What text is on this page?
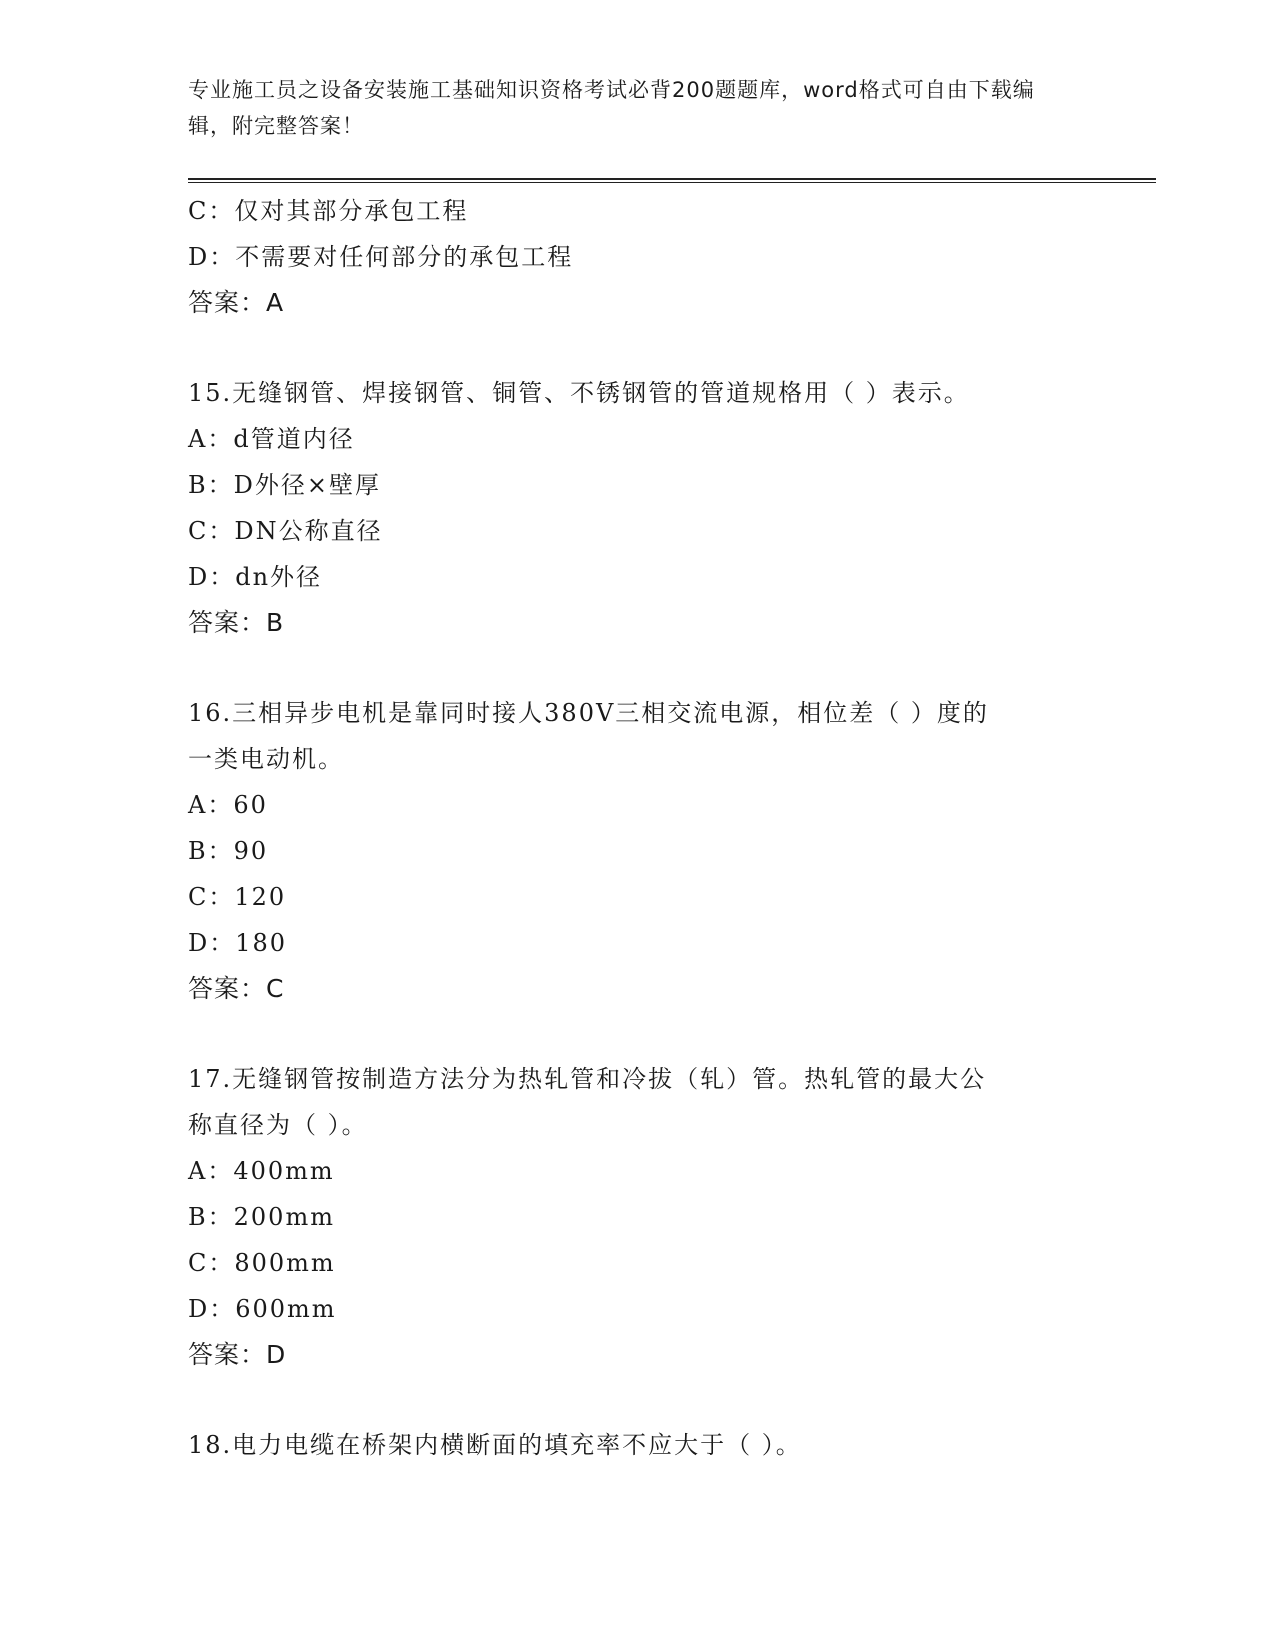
专业施工员之设备安装施工基础知识资格考试必背200题题库，word格式可自由下载编辑，附完整答案！
C：仅对其部分承包工程
D：不需要对任何部分的承包工程
答案：A
15.无缝钢管、焊接钢管、铜管、不锈钢管的管道规格用（ ）表示。
A：d管道内径
B：D外径×壁厚
C：DN公称直径
D：dn外径
答案：B
16.三相异步电机是靠同时接人380V三相交流电源，相位差（ ）度的
一类电动机。
A：60
B：90
C：120
D：180
答案：C
17.无缝钢管按制造方法分为热轧管和冷拔（轧）管。热轧管的最大公
称直径为（ ）。
A：400mm
B：200mm
C：800mm
D：600mm
答案：D
18.电力电缆在桥架内横断面的填充率不应大于（ ）。
